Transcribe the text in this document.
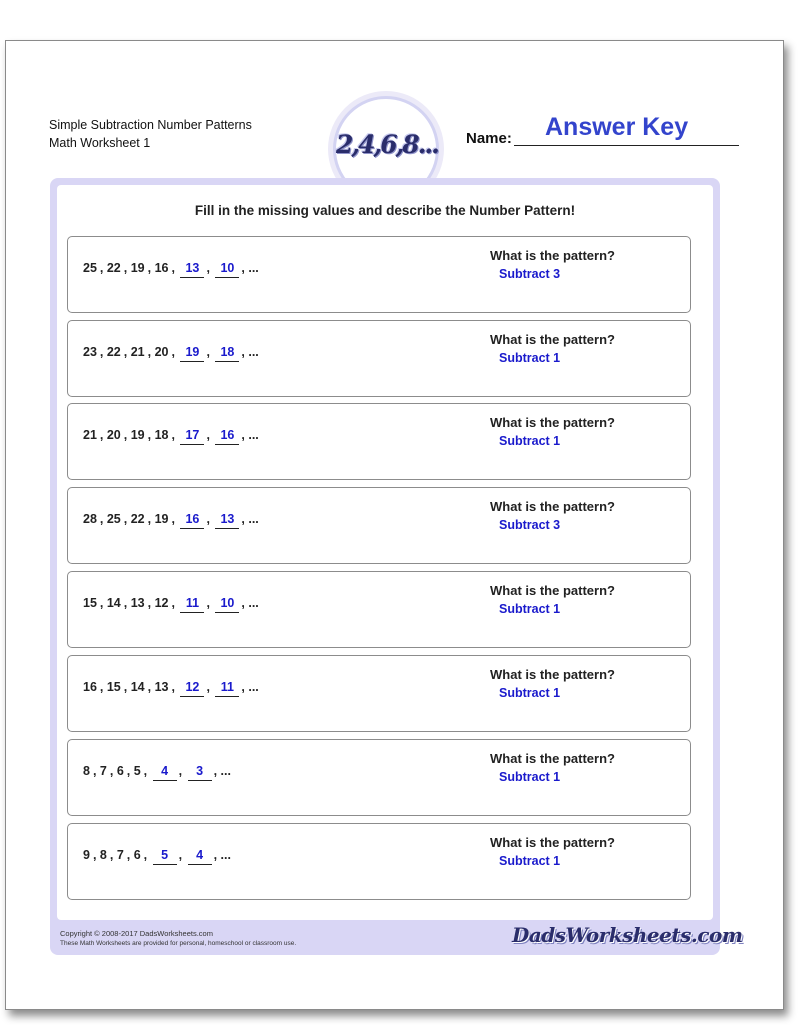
Simple Subtraction Number Patterns
Math Worksheet 1	2,4,6,8... Name: Answer Key
Fill in the missing values and describe the Number Pattern!
25 , 22 , 19 , 16 , 13 , 10 , ...
What is the pattern?
Subtract 3
23 , 22 , 21 , 20 , 19 , 18 , ...
What is the pattern?
Subtract 1
21 , 20 , 19 , 18 , 17 , 16 , ...
What is the pattern?
Subtract 1
28 , 25 , 22 , 19 , 16 , 13 , ...
What is the pattern?
Subtract 3
15 , 14 , 13 , 12 , 11 , 10 , ...
What is the pattern?
Subtract 1
16 , 15 , 14 , 13 , 12 , 11 , ...
What is the pattern?
Subtract 1
8 , 7 , 6 , 5 , 4 , 3 , ...
What is the pattern?
Subtract 1
9 , 8 , 7 , 6 , 5 , 4 , ...
What is the pattern?
Subtract 1
Copyright © 2008-2017 DadsWorksheets.com
These Math Worksheets are provided for personal, homeschool or classroom use.	DadsWorksheets.com
